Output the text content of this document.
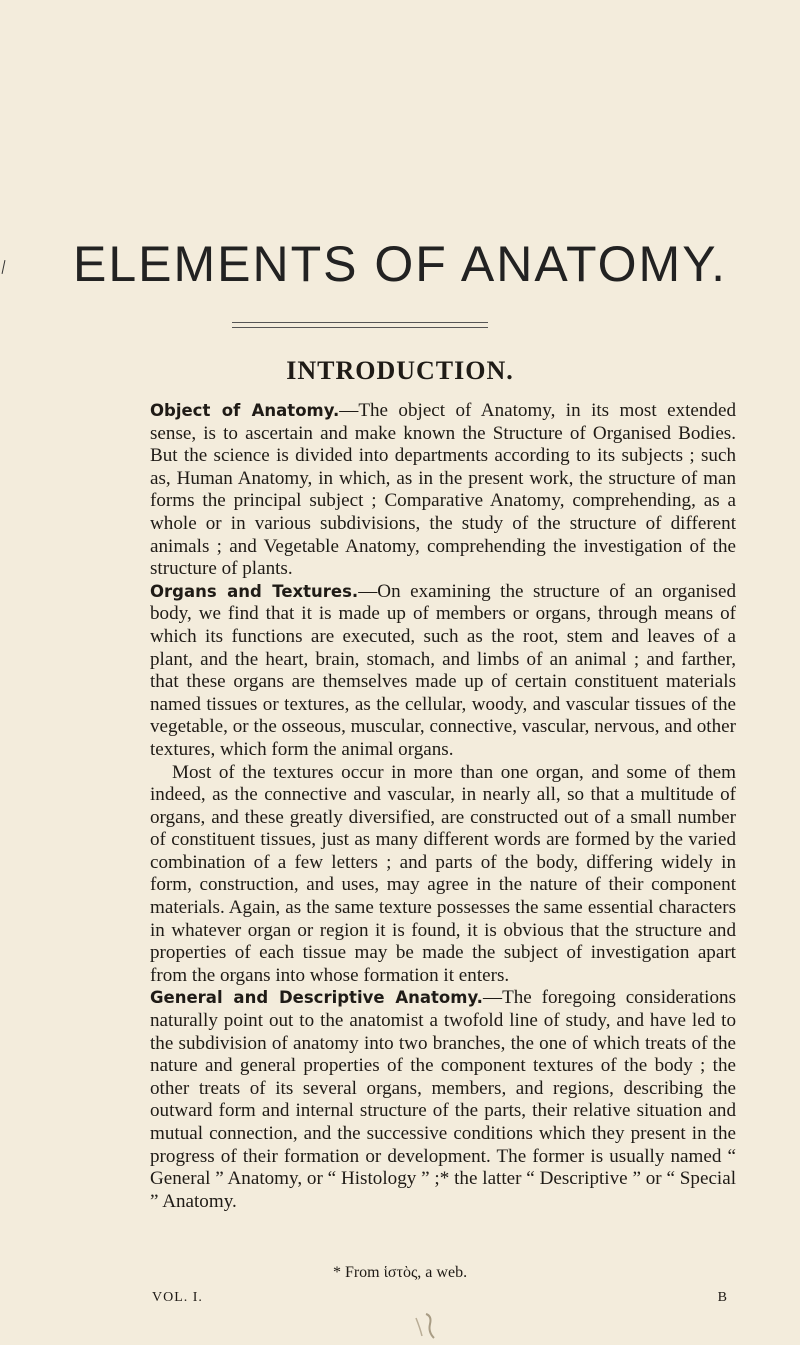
ELEMENTS OF ANATOMY.
INTRODUCTION.

Object of Anatomy.—The object of Anatomy, in its most extended sense, is to ascertain and make known the Structure of Organised Bodies. But the science is divided into departments according to its subjects ; such as, Human Anatomy, in which, as in the present work, the structure of man forms the principal subject ; Comparative Anatomy, comprehending, as a whole or in various subdivisions, the study of the structure of different animals ; and Vegetable Anatomy, comprehending the investigation of the structure of plants.

Organs and Textures.—On examining the structure of an organised body, we find that it is made up of members or organs, through means of which its functions are executed, such as the root, stem and leaves of a plant, and the heart, brain, stomach, and limbs of an animal ; and farther, that these organs are themselves made up of certain constituent materials named tissues or textures, as the cellular, woody, and vascular tissues of the vegetable, or the osseous, muscular, connective, vascular, nervous, and other textures, which form the animal organs.

Most of the textures occur in more than one organ, and some of them indeed, as the connective and vascular, in nearly all, so that a multitude of organs, and these greatly diversified, are constructed out of a small number of constituent tissues, just as many different words are formed by the varied combination of a few letters ; and parts of the body, differing widely in form, construction, and uses, may agree in the nature of their component materials. Again, as the same texture possesses the same essential characters in whatever organ or region it is found, it is obvious that the structure and properties of each tissue may be made the subject of investigation apart from the organs into whose formation it enters.

General and Descriptive Anatomy.—The foregoing considerations naturally point out to the anatomist a twofold line of study, and have led to the subdivision of anatomy into two branches, the one of which treats of the nature and general properties of the component textures of the body ; the other treats of its several organs, members, and regions, describing the outward form and internal structure of the parts, their relative situation and mutual connection, and the successive conditions which they present in the progress of their formation or development. The former is usually named “ General ” Anatomy, or “ Histology ” ;* the latter “ Descriptive ” or “ Special ” Anatomy.

* From ἱστὸς, a web.
VOL. I.	B
